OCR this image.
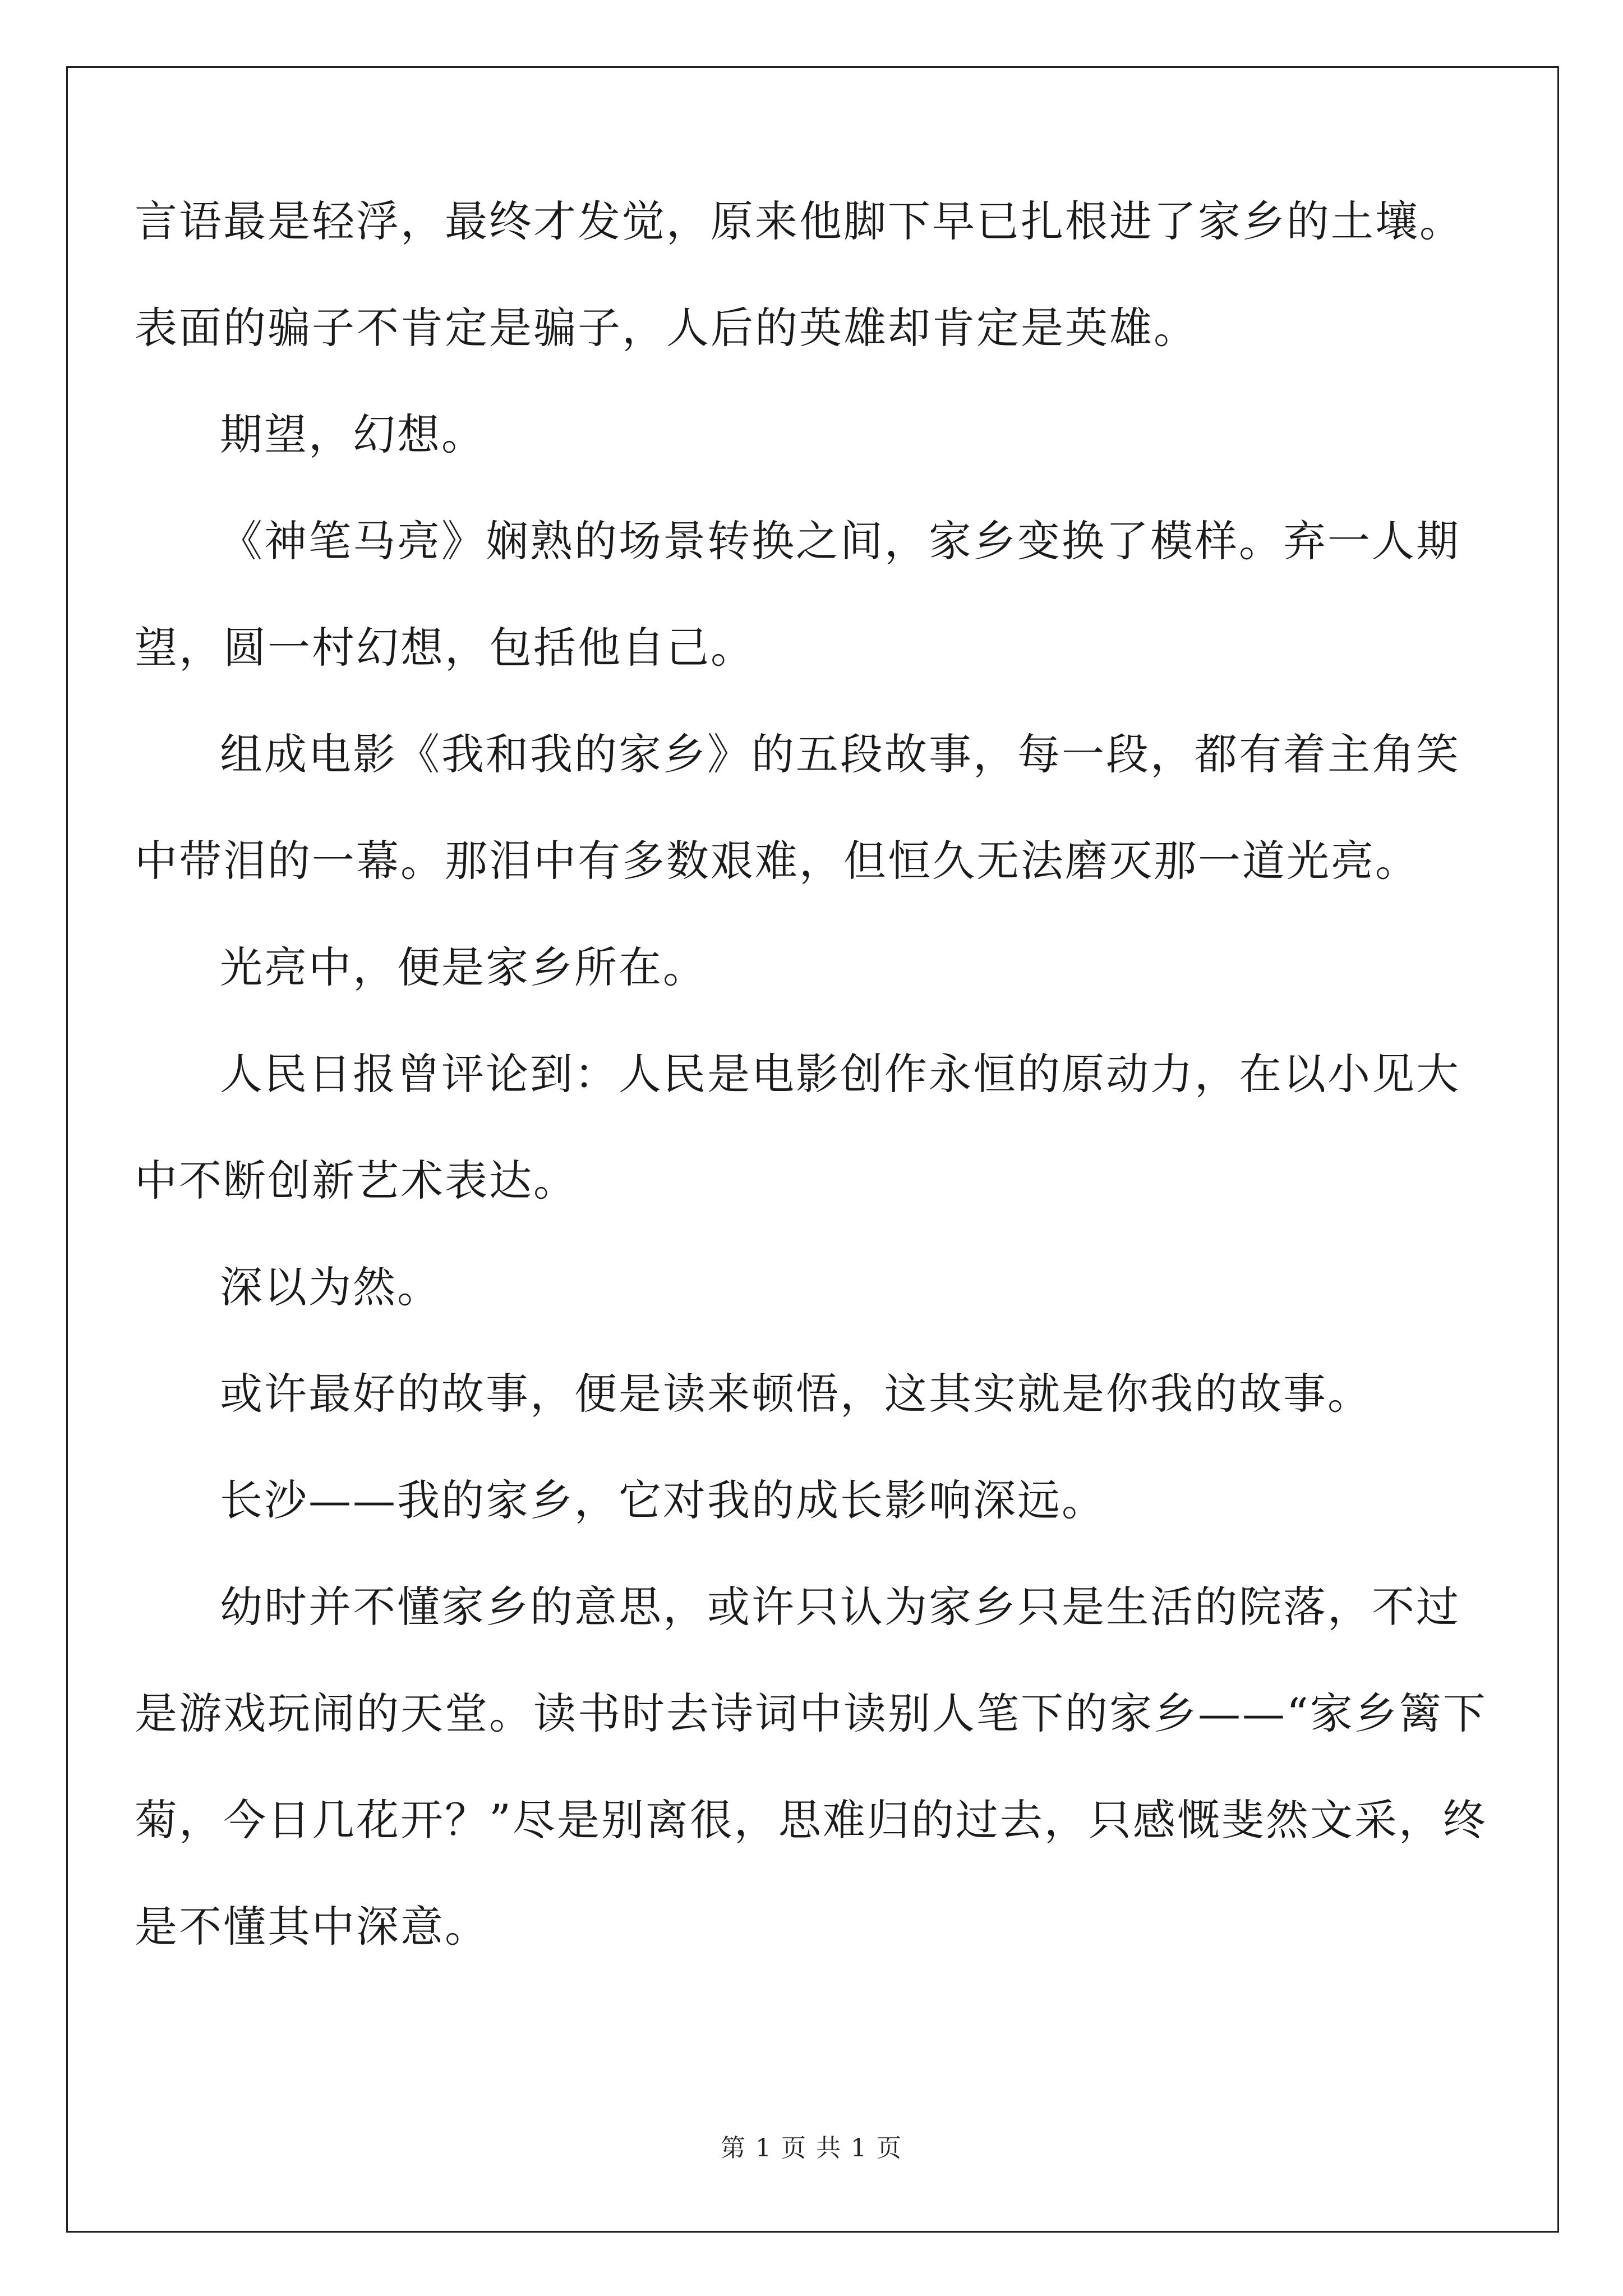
言语最是轻浮，最终才发觉，原来他脚下早已扎根进了家乡的土壤。表面的骗子不肯定是骗子，人后的英雄却肯定是英雄。

期望，幻想。

《神笔马亮》娴熟的场景转换之间，家乡变换了模样。弃一人期望，圆一村幻想，包括他自己。

组成电影《我和我的家乡》的五段故事，每一段，都有着主角笑中带泪的一幕。那泪中有多数艰难，但恒久无法磨灭那一道光亮。

光亮中，便是家乡所在。

人民日报曾评论到：人民是电影创作永恒的原动力，在以小见大中不断创新艺术表达。

深以为然。

或许最好的故事，便是读来顿悟，这其实就是你我的故事。

长沙——我的家乡，它对我的成长影响深远。

幼时并不懂家乡的意思，或许只认为家乡只是生活的院落，不过是游戏玩闹的天堂。读书时去诗词中读别人笔下的家乡——“家乡篱下菊，今日几花开？”尽是别离很，思难归的过去，只感慨斐然文采，终是不懂其中深意。

第 1 页 共 1 页
